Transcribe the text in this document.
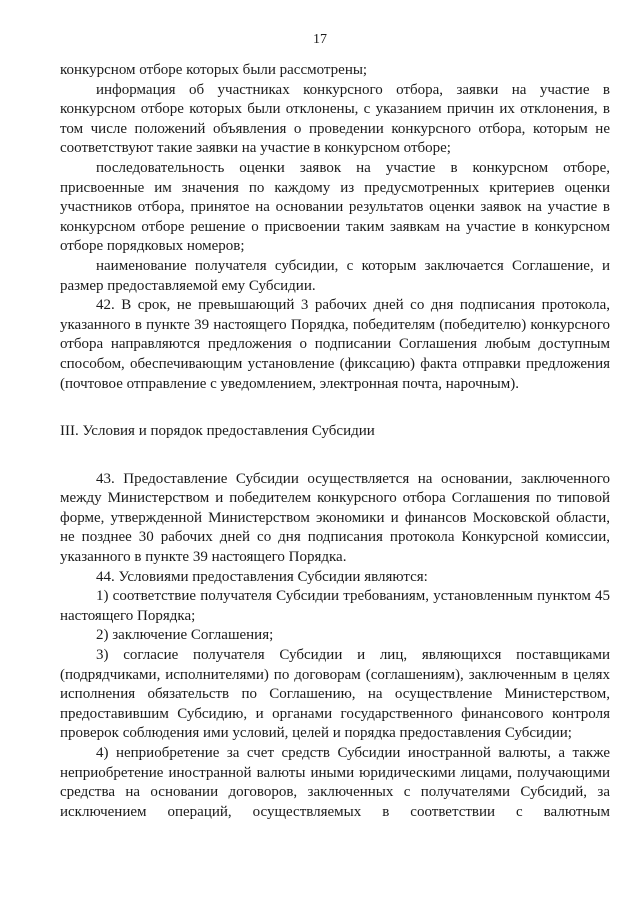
17

конкурсном отборе которых были рассмотрены;

информация об участниках конкурсного отбора, заявки на участие в конкурсном отборе которых были отклонены, с указанием причин их отклонения, в том числе положений объявления о проведении конкурсного отбора, которым не соответствуют такие заявки на участие в конкурсном отборе;

последовательность оценки заявок на участие в конкурсном отборе, присвоенные им значения по каждому из предусмотренных критериев оценки участников отбора, принятое на основании результатов оценки заявок на участие в конкурсном отборе решение о присвоении таким заявкам на участие в конкурсном отборе порядковых номеров;

наименование получателя субсидии, с которым заключается Соглашение, и размер предоставляемой ему Субсидии.

42. В срок, не превышающий 3 рабочих дней со дня подписания протокола, указанного в пункте 39 настоящего Порядка, победителям (победителю) конкурсного отбора направляются предложения о подписании Соглашения любым доступным способом, обеспечивающим установление (фиксацию) факта отправки предложения (почтовое отправление с уведомлением, электронная почта, нарочным).

III. Условия и порядок предоставления Субсидии

43. Предоставление Субсидии осуществляется на основании, заключенного между Министерством и победителем конкурсного отбора Соглашения по типовой форме, утвержденной Министерством экономики и финансов Московской области, не позднее 30 рабочих дней со дня подписания протокола Конкурсной комиссии, указанного в пункте 39 настоящего Порядка.

44. Условиями предоставления Субсидии являются:

1) соответствие получателя Субсидии требованиям, установленным пунктом 45 настоящего Порядка;

2) заключение Соглашения;

3) согласие получателя Субсидии и лиц, являющихся поставщиками (подрядчиками, исполнителями) по договорам (соглашениям), заключенным в целях исполнения обязательств по Соглашению, на осуществление Министерством, предоставившим Субсидию, и органами государственного финансового контроля проверок соблюдения ими условий, целей и порядка предоставления Субсидии;

4) неприобретение за счет средств Субсидии иностранной валюты, а также неприобретение иностранной валюты иными юридическими лицами, получающими средства на основании договоров, заключенных с получателями Субсидий, за исключением операций, осуществляемых в соответствии с валютным
